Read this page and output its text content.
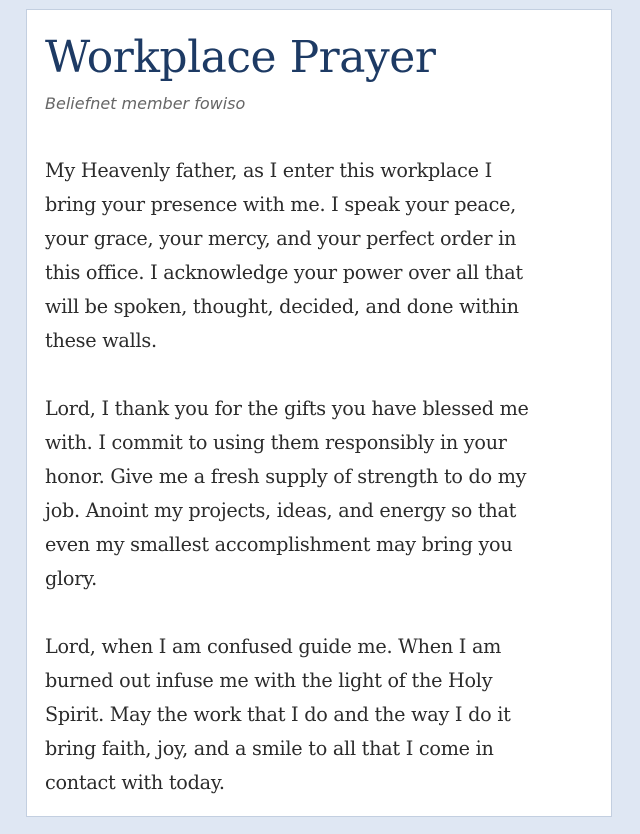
Workplace Prayer

Beliefnet member fowiso

My Heavenly father, as I enter this workplace I
bring your presence with me. I speak your peace,
your grace, your mercy, and your perfect order in
this office. I acknowledge your power over all that
will be spoken, thought, decided, and done within
these walls.

Lord, I thank you for the gifts you have blessed me
with. I commit to using them responsibly in your
honor. Give me a fresh supply of strength to do my
job. Anoint my projects, ideas, and energy so that
even my smallest accomplishment may bring you
glory.

Lord, when I am confused guide me. When I am
burned out infuse me with the light of the Holy
Spirit. May the work that I do and the way I do it
bring faith, joy, and a smile to all that I come in
contact with today.
